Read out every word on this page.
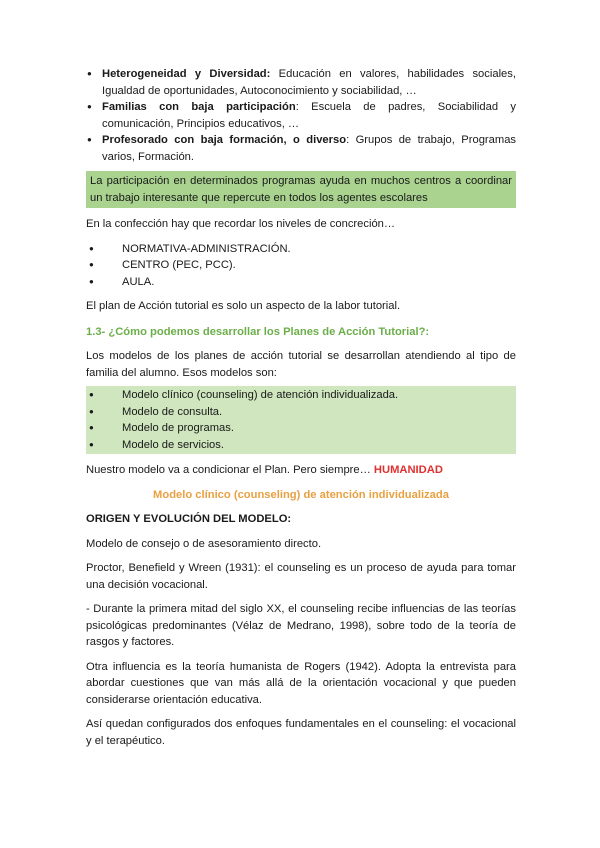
● Heterogeneidad y Diversidad: Educación en valores, habilidades sociales, Igualdad de oportunidades, Autoconocimiento y sociabilidad, …
● Familias con baja participación: Escuela de padres, Sociabilidad y comunicación, Principios educativos, …
● Profesorado con baja formación, o diverso: Grupos de trabajo, Programas varios, Formación.

La participación en determinados programas ayuda en muchos centros a coordinar un trabajo interesante que repercute en todos los agentes escolares

En la confección hay que recordar los niveles de concreción…

● NORMATIVA-ADMINISTRACIÓN.
● CENTRO (PEC, PCC).
● AULA.

El plan de Acción tutorial es solo un aspecto de la labor tutorial.

1.3- ¿Cómo podemos desarrollar los Planes de Acción Tutorial?:

Los modelos de los planes de acción tutorial se desarrollan atendiendo al tipo de familia del alumno. Esos modelos son:

● Modelo clínico (counseling) de atención individualizada.
● Modelo de consulta.
● Modelo de programas.
● Modelo de servicios.

Nuestro modelo va a condicionar el Plan. Pero siempre… HUMANIDAD

Modelo clínico (counseling) de atención individualizada

ORIGEN Y EVOLUCIÓN DEL MODELO:

Modelo de consejo o de asesoramiento directo.

Proctor, Benefield y Wreen (1931): el counseling es un proceso de ayuda para tomar una decisión vocacional.

- Durante la primera mitad del siglo XX, el counseling recibe influencias de las teorías psicológicas predominantes (Vélaz de Medrano, 1998), sobre todo de la teoría de rasgos y factores.

Otra influencia es la teoría humanista de Rogers (1942). Adopta la entrevista para abordar cuestiones que van más allá de la orientación vocacional y que pueden considerarse orientación educativa.

Así quedan configurados dos enfoques fundamentales en el counseling: el vocacional y el terapéutico.
